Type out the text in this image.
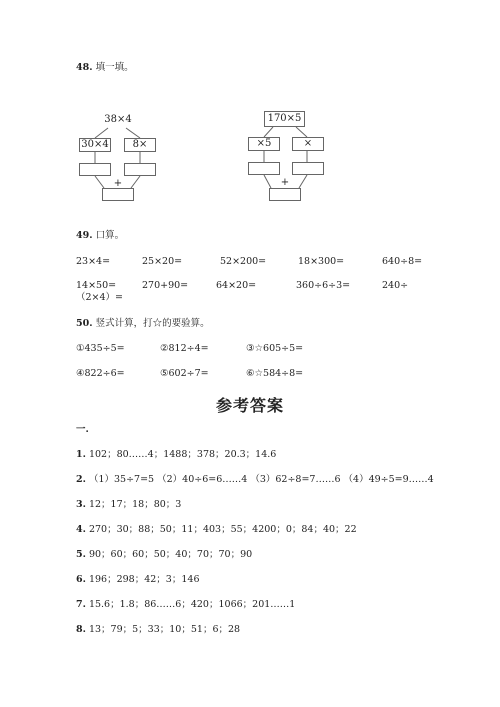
48. 填一填。
38×4
30×4	8×
+
170×5
×5	×
+
49. 口算。
23×4=	25×20=	52×200=	18×300=	640÷8=
14×50=	270+90=	64×20=	360÷6÷3=	240÷
（2×4）=
50. 竖式计算，打☆的要验算。
①435÷5=	②812÷4=	③☆605÷5=
④822÷6=	⑤602÷7=	⑥☆584÷8=
参考答案
一.
1. 102；80……4；1488；378；20.3；14.6
2. （1）35÷7=5 （2）40÷6=6……4 （3）62÷8=7……6 （4）49÷5=9……4
3. 12；17；18；80；3
4. 270；30；88；50；11；403；55；4200；0；84；40；22
5. 90；60；60；50；40；70；70；90
6. 196；298；42；3；146
7. 15.6；1.8；86……6；420；1066；201……1
8. 13；79；5；33；10；51；6；28
